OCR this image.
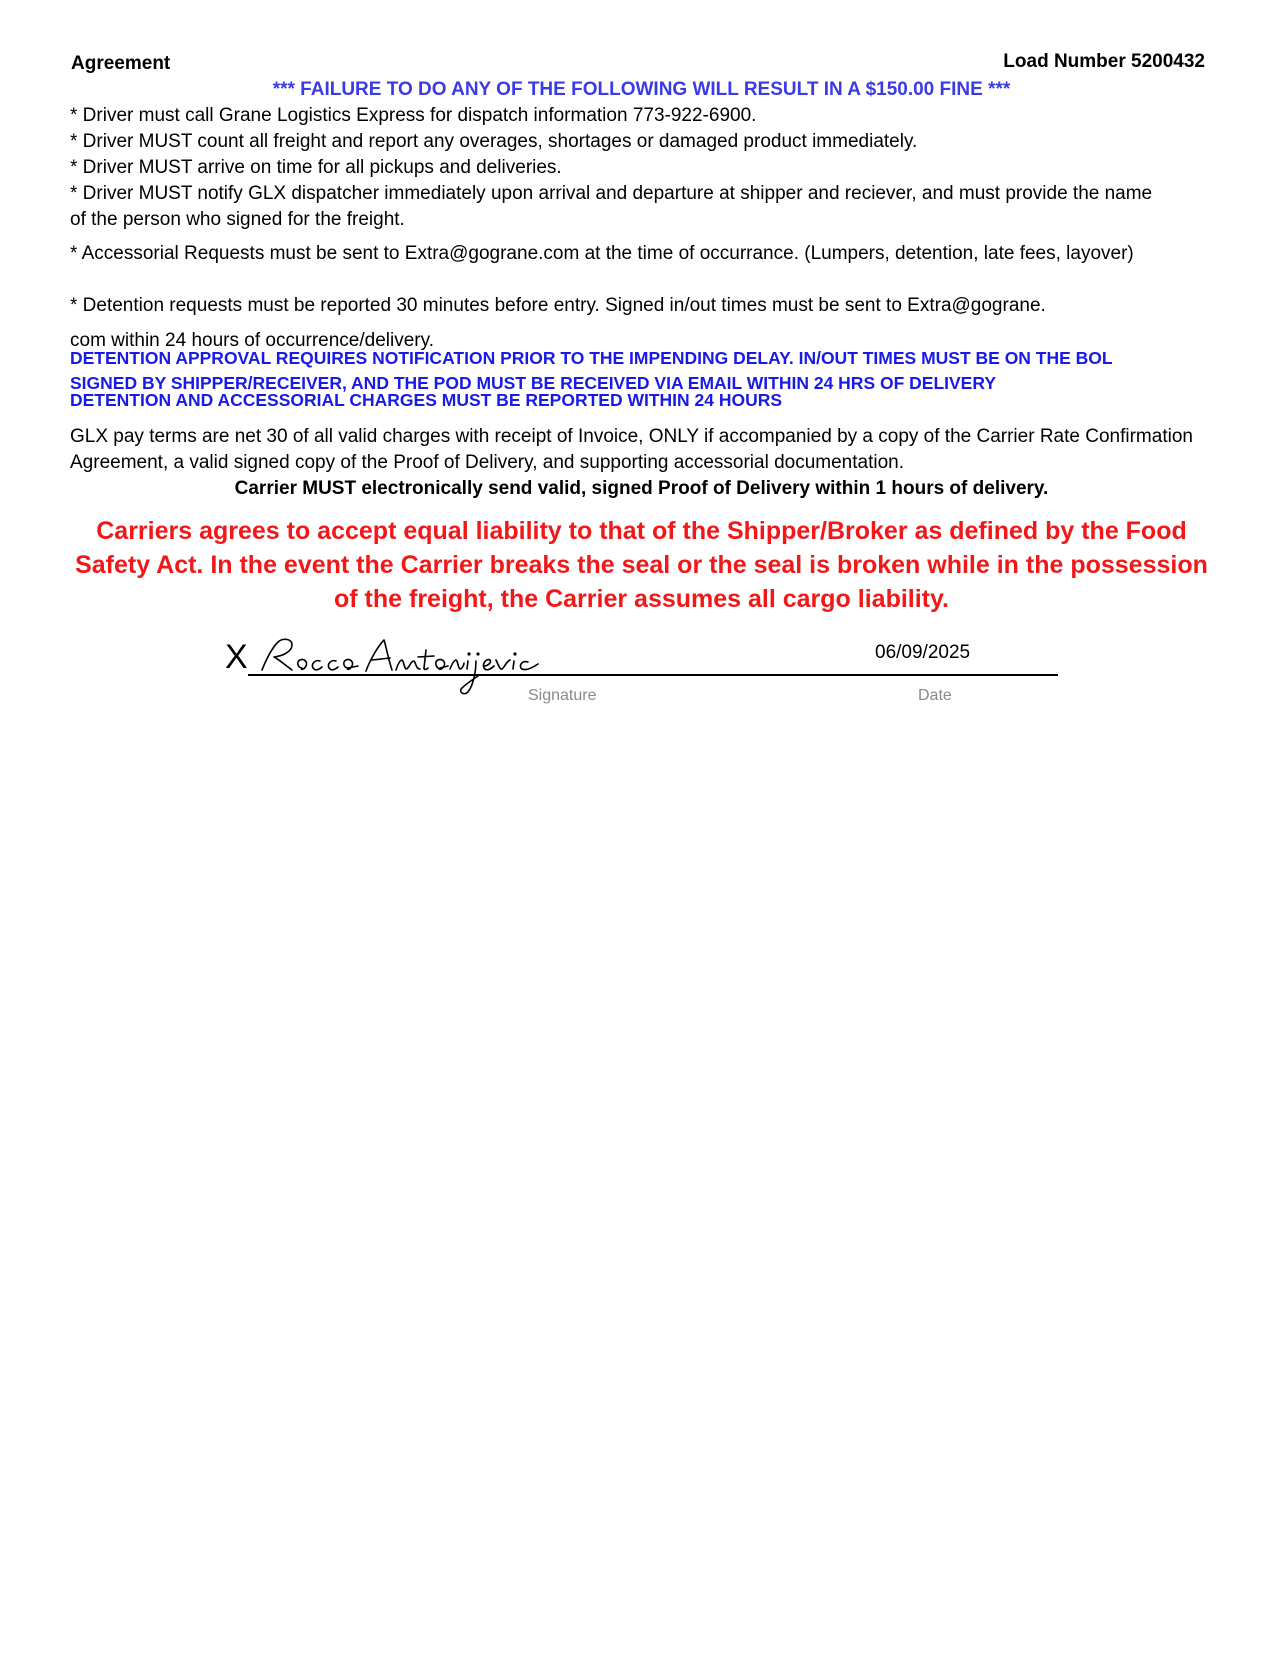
Agreement	Load Number 5200432
*** FAILURE TO DO ANY OF THE FOLLOWING WILL RESULT IN A $150.00 FINE ***
* Driver must call Grane Logistics Express for dispatch information 773-922-6900.
* Driver MUST count all freight and report any overages, shortages or damaged product immediately.
* Driver MUST arrive on time for all pickups and deliveries.
* Driver MUST notify GLX dispatcher immediately upon arrival and departure at shipper and reciever, and must provide the name of the person who signed for the freight.
* Accessorial Requests must be sent to Extra@gograne.com at the time of occurrance. (Lumpers, detention, late fees, layover)
* Detention requests must be reported 30 minutes before entry. Signed in/out times must be sent to Extra@gograne.
com within 24 hours of occurrence/delivery.
DETENTION APPROVAL REQUIRES NOTIFICATION PRIOR TO THE IMPENDING DELAY. IN/OUT TIMES MUST BE ON THE BOL
SIGNED BY SHIPPER/RECEIVER, AND THE POD MUST BE RECEIVED VIA EMAIL WITHIN 24 HRS OF DELIVERY
DETENTION AND ACCESSORIAL CHARGES MUST BE REPORTED WITHIN 24 HOURS
GLX pay terms are net 30 of all valid charges with receipt of Invoice, ONLY if accompanied by a copy of the Carrier Rate Confirmation Agreement, a valid signed copy of the Proof of Delivery, and supporting accessorial documentation.
Carrier MUST electronically send valid, signed Proof of Delivery within 1 hours of delivery.
Carriers agrees to accept equal liability to that of the Shipper/Broker as defined by the Food Safety Act. In the event the Carrier breaks the seal or the seal is broken while in the possession of the freight, the Carrier assumes all cargo liability.
X	06/09/2025
Signature	Date
